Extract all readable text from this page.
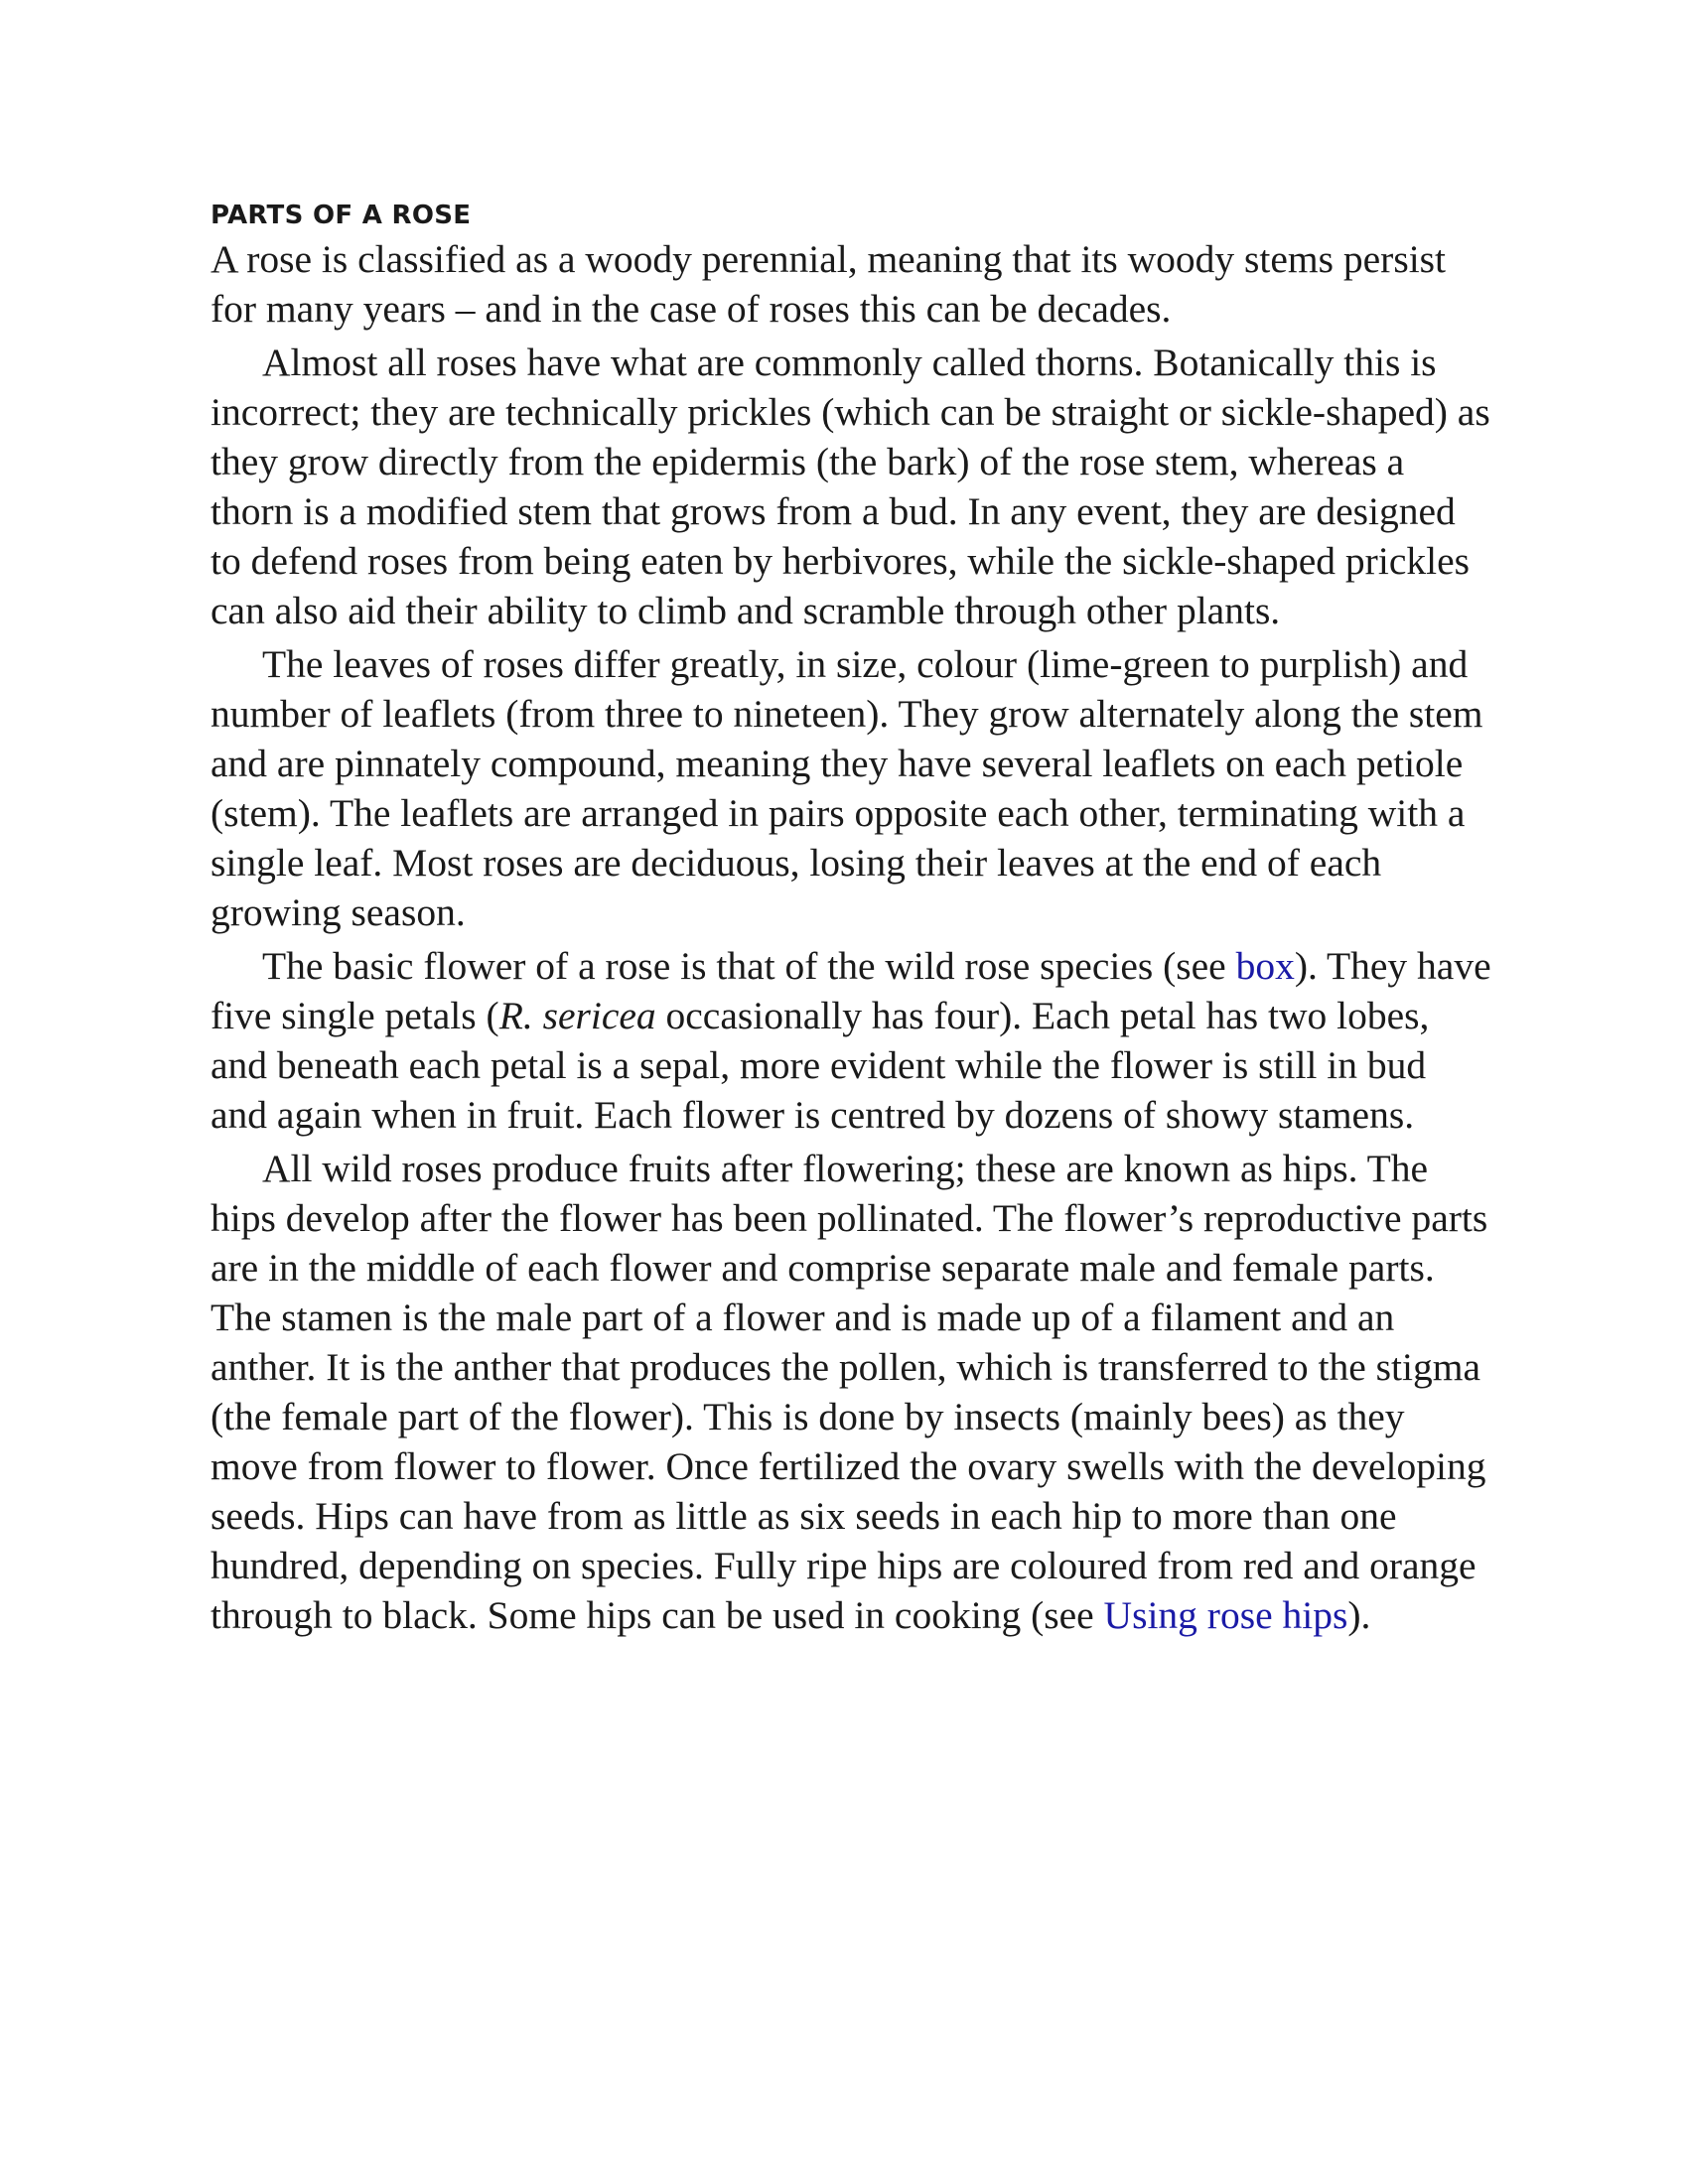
PARTS OF A ROSE

A rose is classified as a woody perennial, meaning that its woody stems persist for many years – and in the case of roses this can be decades.

Almost all roses have what are commonly called thorns. Botanically this is incorrect; they are technically prickles (which can be straight or sickle-shaped) as they grow directly from the epidermis (the bark) of the rose stem, whereas a thorn is a modified stem that grows from a bud. In any event, they are designed to defend roses from being eaten by herbivores, while the sickle-shaped prickles can also aid their ability to climb and scramble through other plants.

The leaves of roses differ greatly, in size, colour (lime-green to purplish) and number of leaflets (from three to nineteen). They grow alternately along the stem and are pinnately compound, meaning they have several leaflets on each petiole (stem). The leaflets are arranged in pairs opposite each other, terminating with a single leaf. Most roses are deciduous, losing their leaves at the end of each growing season.

The basic flower of a rose is that of the wild rose species (see box). They have five single petals (R. sericea occasionally has four). Each petal has two lobes, and beneath each petal is a sepal, more evident while the flower is still in bud and again when in fruit. Each flower is centred by dozens of showy stamens.

All wild roses produce fruits after flowering; these are known as hips. The hips develop after the flower has been pollinated. The flower’s reproductive parts are in the middle of each flower and comprise separate male and female parts. The stamen is the male part of a flower and is made up of a filament and an anther. It is the anther that produces the pollen, which is transferred to the stigma (the female part of the flower). This is done by insects (mainly bees) as they move from flower to flower. Once fertilized the ovary swells with the developing seeds. Hips can have from as little as six seeds in each hip to more than one hundred, depending on species. Fully ripe hips are coloured from red and orange through to black. Some hips can be used in cooking (see Using rose hips).
